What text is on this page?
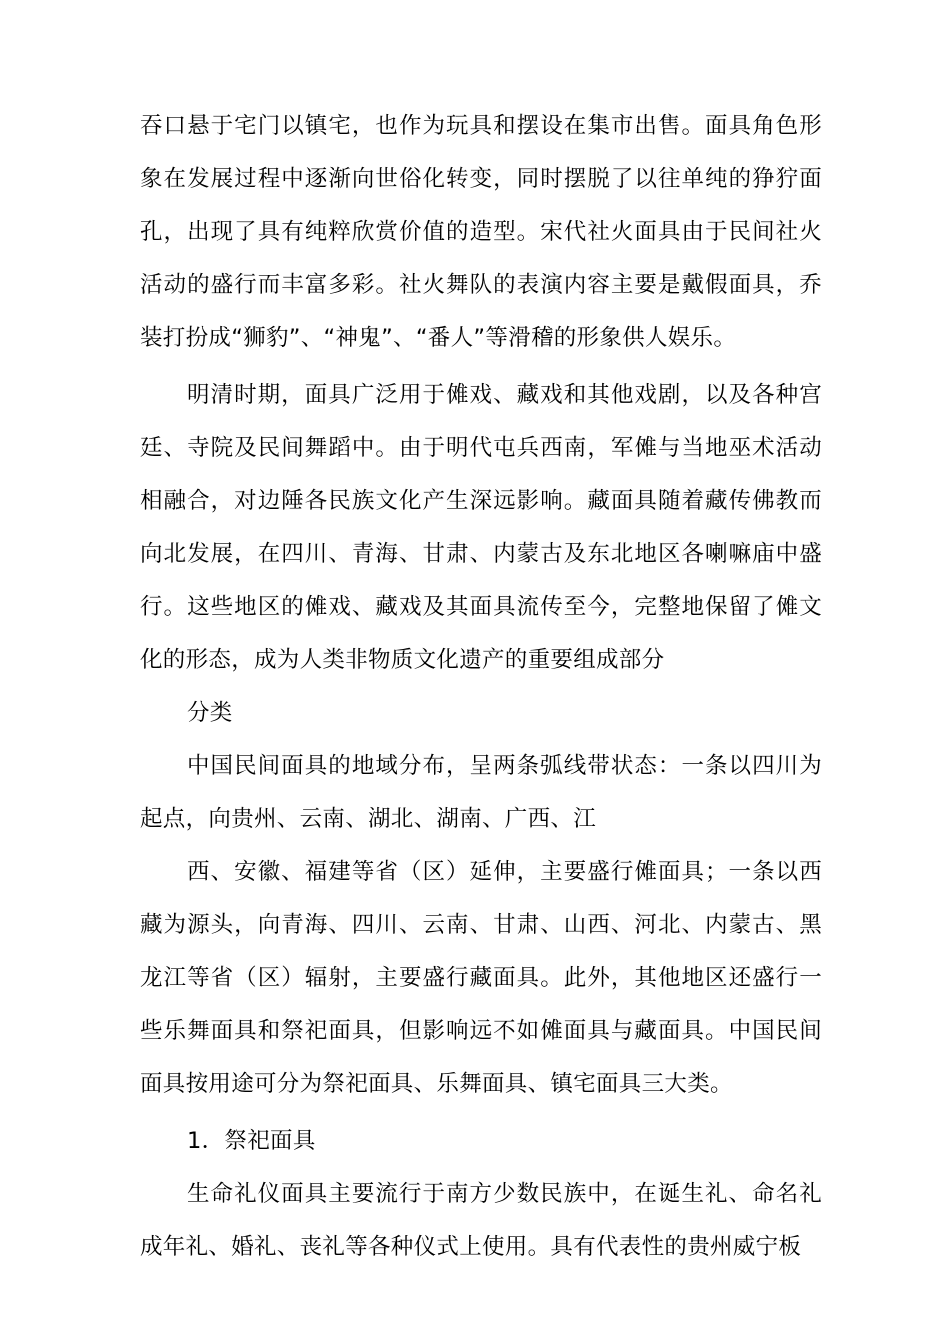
吞口悬于宅门以镇宅，也作为玩具和摆设在集市出售。面具角色形象在发展过程中逐渐向世俗化转变，同时摆脱了以往单纯的狰狞面孔，出现了具有纯粹欣赏价值的造型。宋代社火面具由于民间社火活动的盛行而丰富多彩。社火舞队的表演内容主要是戴假面具，乔装打扮成“狮豹”、“神鬼”、“番人”等滑稽的形象供人娱乐。

明清时期，面具广泛用于傩戏、藏戏和其他戏剧，以及各种宫廷、寺院及民间舞蹈中。由于明代屯兵西南，军傩与当地巫术活动相融合，对边陲各民族文化产生深远影响。藏面具随着藏传佛教而向北发展，在四川、青海、甘肃、内蒙古及东北地区各喇嘛庙中盛行。这些地区的傩戏、藏戏及其面具流传至今，完整地保留了傩文化的形态，成为人类非物质文化遗产的重要组成部分

分类

中国民间面具的地域分布，呈两条弧线带状态：一条以四川为起点，向贵州、云南、湖北、湖南、广西、江

西、安徽、福建等省（区）延伸，主要盛行傩面具；一条以西藏为源头，向青海、四川、云南、甘肃、山西、河北、内蒙古、黑龙江等省（区）辐射，主要盛行藏面具。此外，其他地区还盛行一些乐舞面具和祭祀面具，但影响远不如傩面具与藏面具。中国民间面具按用途可分为祭祀面具、乐舞面具、镇宅面具三大类。

1．祭祀面具

生命礼仪面具主要流行于南方少数民族中，在诞生礼、命名礼成年礼、婚礼、丧礼等各种仪式上使用。具有代表性的贵州威宁板
